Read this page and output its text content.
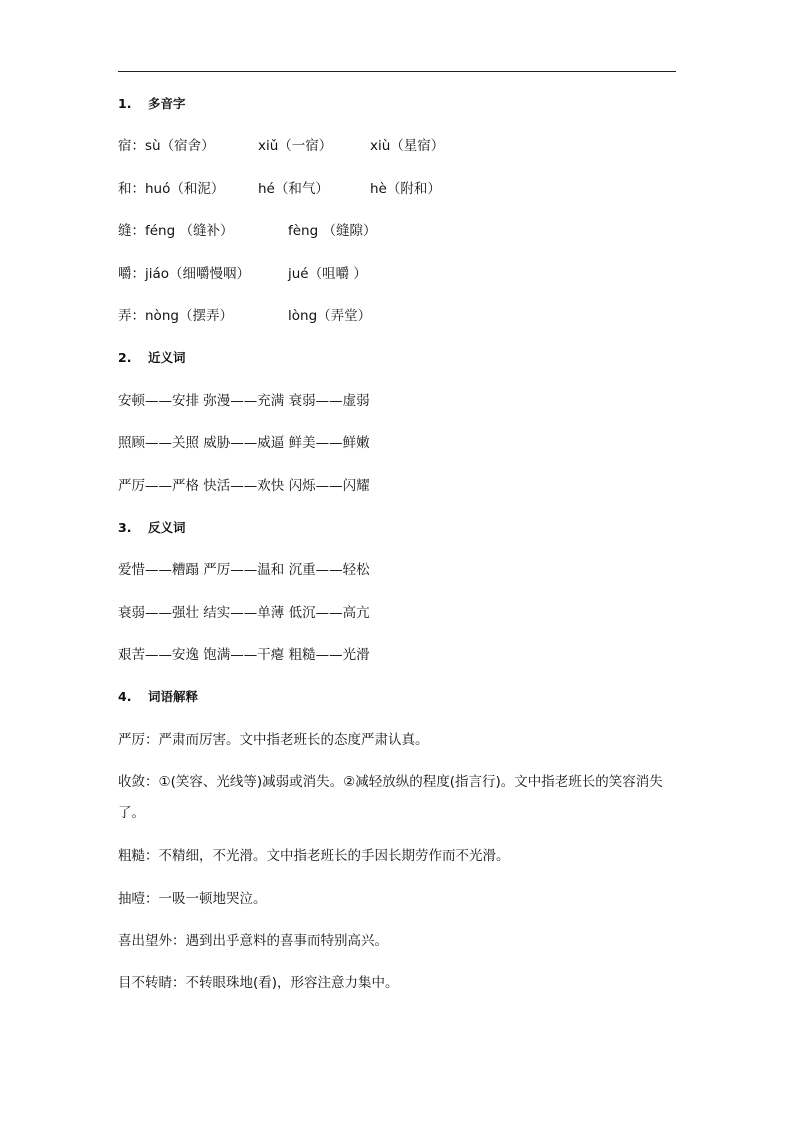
1. 多音字
宿：sù（宿舍）	xiǔ（一宿）	xiù（星宿）
和：huó（和泥） hé（和气）	hè（附和）
缝：féng （缝补）	fèng （缝隙）
嚼：jiáo（细嚼慢咽）	jué（咀嚼 ）
弄：nòng（摆弄）	lòng（弄堂）
2. 近义词
安顿——安排 弥漫——充满 衰弱——虚弱
照顾——关照 威胁——威逼 鲜美——鲜嫩
严厉——严格 快活——欢快 闪烁——闪耀
3. 反义词
爱惜——糟蹋 严厉——温和 沉重——轻松
衰弱——强壮 结实——单薄 低沉——高亢
艰苦——安逸 饱满——干瘪 粗糙——光滑
4. 词语解释
严厉：严肃而厉害。文中指老班长的态度严肃认真。
收敛：①(笑容、光线等)减弱或消失。②减轻放纵的程度(指言行)。文中指老班长的笑容消失了。
粗糙：不精细，不光滑。文中指老班长的手因长期劳作而不光滑。
抽噎：一吸一顿地哭泣。
喜出望外：遇到出乎意料的喜事而特别高兴。
目不转睛：不转眼珠地(看)，形容注意力集中。
